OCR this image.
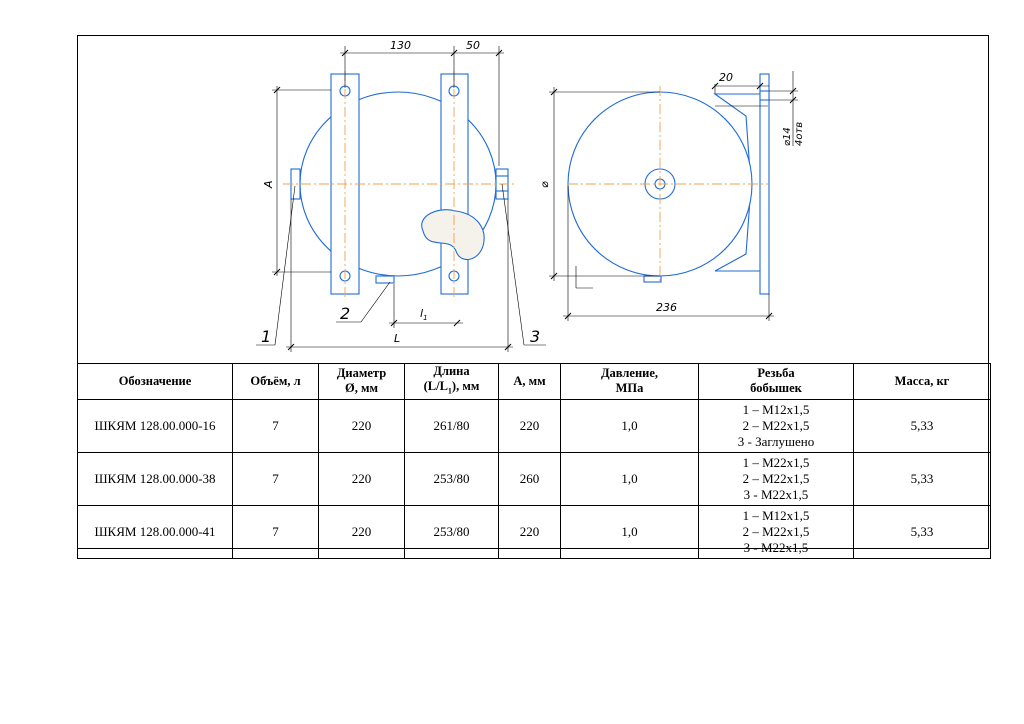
130	50
A
$l_1$
L
1
2
3
⌀
236
20
⌀14 4отв
Обозначение	Объём, л	Диаметр
Ø, мм	Длина
$(L/L_1)$, мм	А, мм	Давление,
МПа	Резьба
бобышек	Масса, кг

ШКЯМ 128.00.000-16	7	220	261/80	220	1,0	1 – M12x1,5
2 – M22x1,5
3 - Заглушено	5,33
ШКЯМ 128.00.000-38	7	220	253/80	260	1,0	1 – M22x1,5
2 – M22x1,5
3 - M22x1,5	5,33
ШКЯМ 128.00.000-41	7	220	253/80	220	1,0	1 – M12x1,5
2 – M22x1,5
3 - M22x1,5	5,33
